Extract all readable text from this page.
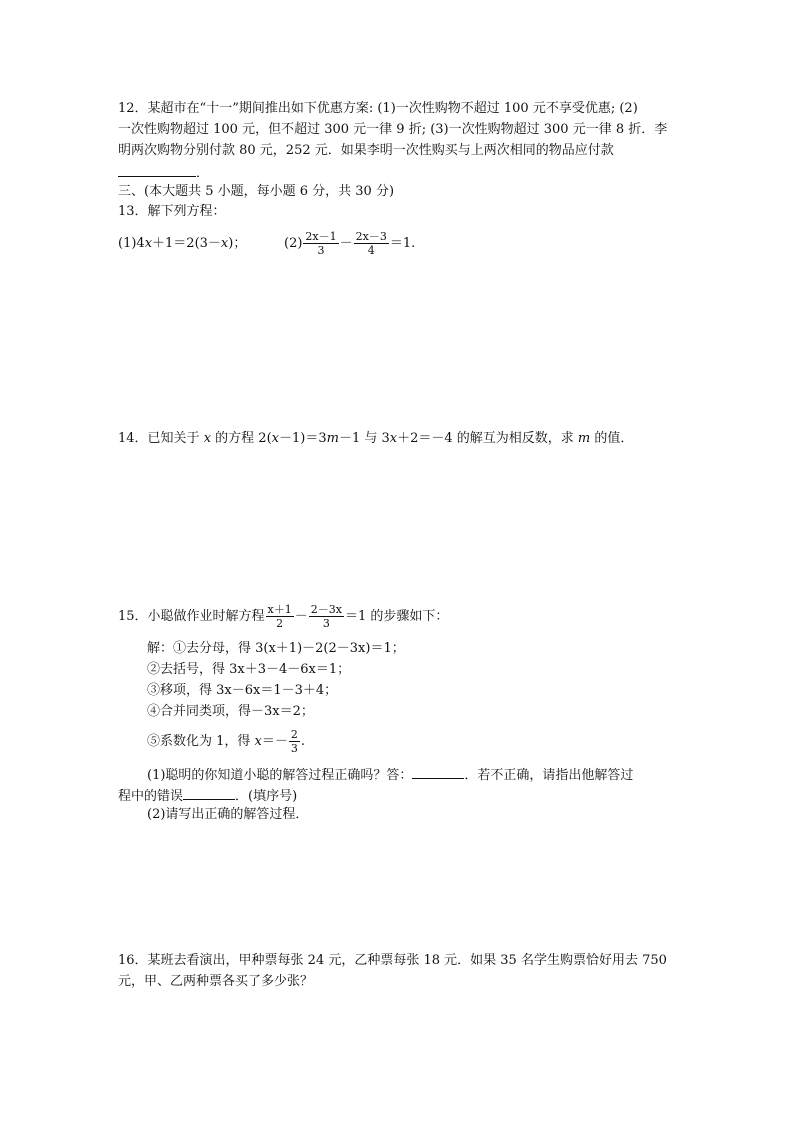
12．某超市在“十一”期间推出如下优惠方案: (1)一次性购物不超过 100 元不享受优惠; (2)
一次性购物超过 100 元，但不超过 300 元一律 9 折; (3)一次性购物超过 300 元一律 8 折．李
明两次购物分别付款 80 元，252 元．如果李明一次性购买与上两次相同的物品应付款
．
三、(本大题共 5 小题，每小题 6 分，共 30 分)
13．解下列方程：
(1)4x＋1＝2(3－x)；	$(2) \frac{2x-1}{3} - \frac{2x-3}{4} =1$.
14．已知关于 x 的方程 2(x－1)＝3m－1 与 3x＋2＝－4 的解互为相反数，求 m 的值．
15．小聪做作业时解方程 $\frac{x+1}{2} - \frac{2-3x}{3} =1$ 的步骤如下：
解：①去分母，得 3(x＋1)－2(2－3x)＝1；
②去括号，得 3x＋3－4－6x＝1；
③移项，得 3x－6x＝1－3＋4；
④合并同类项，得－3x＝2；
⑤系数化为 1，得 $x=- \frac{2}{3}$ .
(1)聪明的你知道小聪的解答过程正确吗？答：	．若不正确，请指出他解答过
程中的错误	．(填序号)
(2)请写出正确的解答过程．
16．某班去看演出，甲种票每张 24 元，乙种票每张 18 元．如果 35 名学生购票恰好用去 750
元，甲、乙两种票各买了多少张？
